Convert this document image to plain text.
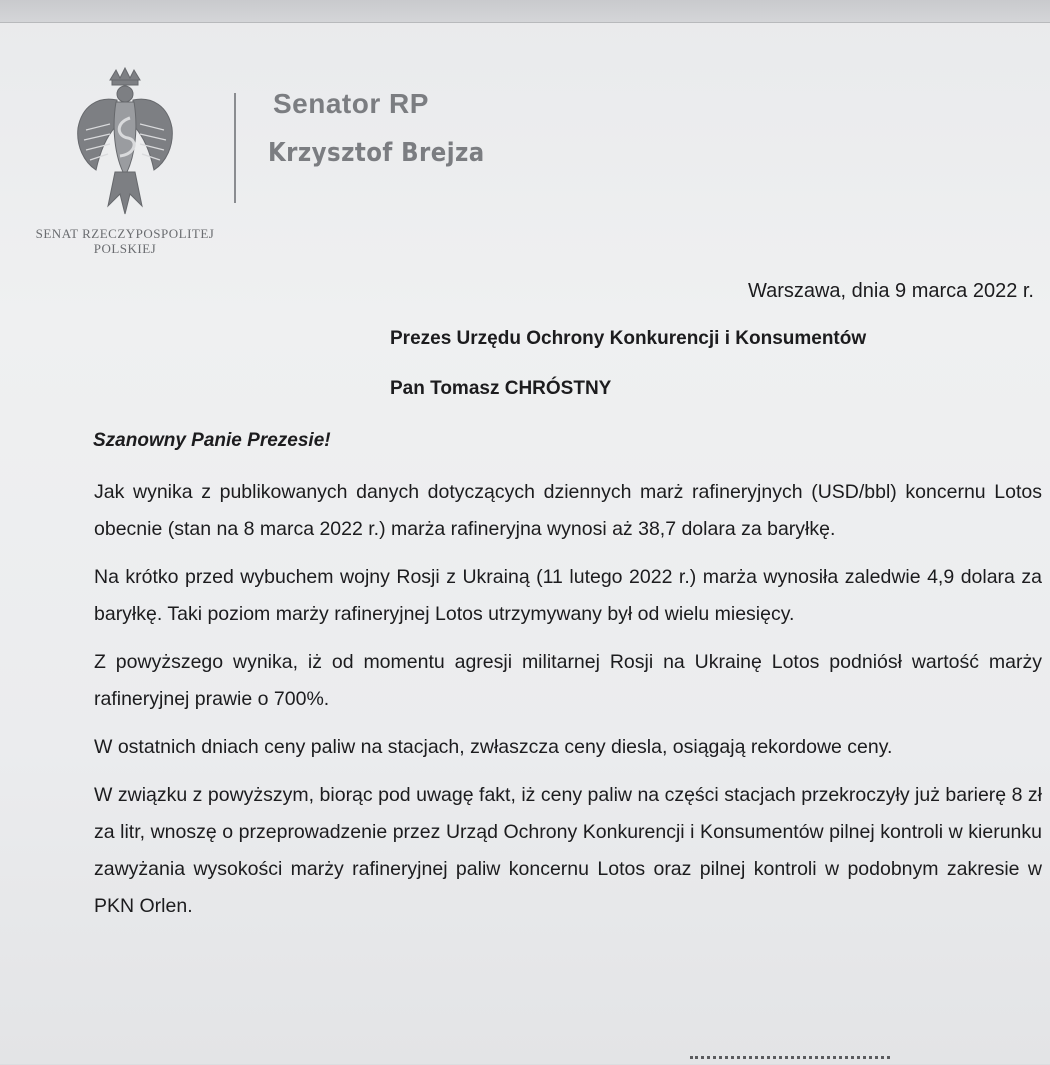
SENAT RZECZYPOSPOLITEJ POLSKIEJ
Senator RP
Krzysztof Brejza
Warszawa, dnia 9 marca 2022 r.
Prezes Urzędu Ochrony Konkurencji i Konsumentów
Pan Tomasz CHRÓSTNY
Szanowny Panie Prezesie!

Jak wynika z publikowanych danych dotyczących dziennych marż rafineryjnych (USD/bbl) koncernu Lotos obecnie (stan na 8 marca 2022 r.) marża rafineryjna wynosi aż 38,7 dolara za baryłkę.

Na krótko przed wybuchem wojny Rosji z Ukrainą (11 lutego 2022 r.) marża wynosiła zaledwie 4,9 dolara za baryłkę. Taki poziom marży rafineryjnej Lotos utrzymywany był od wielu miesięcy.

Z powyższego wynika, iż od momentu agresji militarnej Rosji na Ukrainę Lotos podniósł wartość marży rafineryjnej prawie o 700%.

W ostatnich dniach ceny paliw na stacjach, zwłaszcza ceny diesla, osiągają rekordowe ceny.

W związku z powyższym, biorąc pod uwagę fakt, iż ceny paliw na części stacjach przekroczyły już barierę 8 zł za litr, wnoszę o przeprowadzenie przez Urząd Ochrony Konkurencji i Konsumentów pilnej kontroli w kierunku zawyżania wysokości marży rafineryjnej paliw koncernu Lotos oraz pilnej kontroli w podobnym zakresie w PKN Orlen.
